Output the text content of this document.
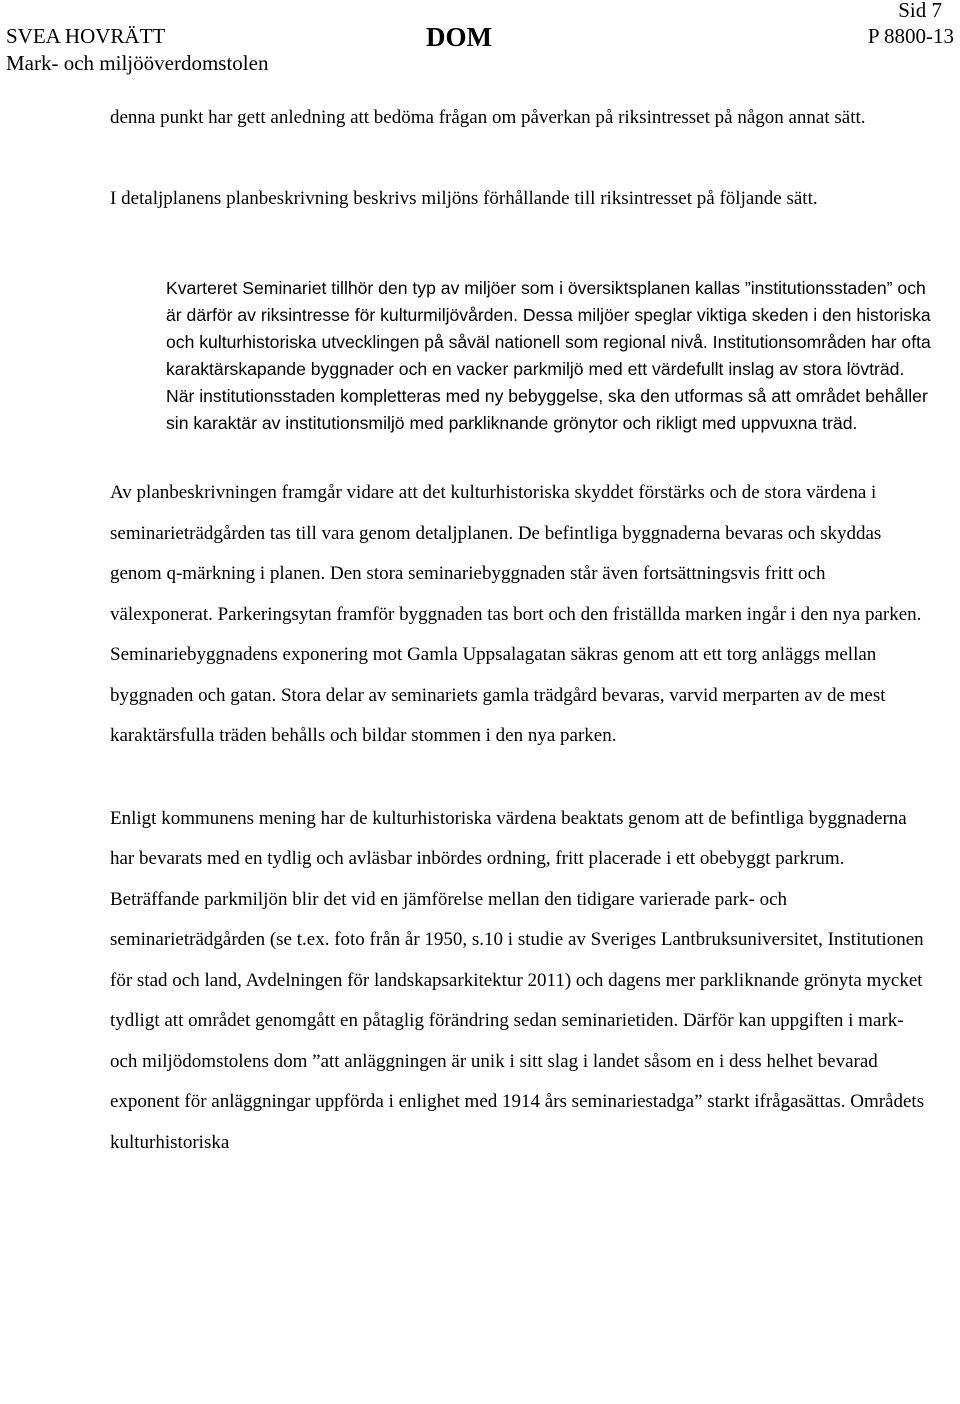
Sid 7
SVEA HOVRÄTT
Mark- och miljööverdomstolen
DOM	P 8800-13

denna punkt har gett anledning att bedöma frågan om påverkan på riksintresset på någon annat sätt.

I detaljplanens planbeskrivning beskrivs miljöns förhållande till riksintresset på följande sätt.

Kvarteret Seminariet tillhör den typ av miljöer som i översiktsplanen kallas ”institutionsstaden” och är därför av riksintresse för kulturmiljövården. Dessa miljöer speglar viktiga skeden i den historiska och kulturhistoriska utvecklingen på såväl nationell som regional nivå. Institutionsområden har ofta karaktärskapande byggnader och en vacker parkmiljö med ett värdefullt inslag av stora lövträd. När institutionsstaden kompletteras med ny bebyggelse, ska den utformas så att området behåller sin karaktär av institutionsmiljö med parkliknande grönytor och rikligt med uppvuxna träd.

Av planbeskrivningen framgår vidare att det kulturhistoriska skyddet förstärks och de stora värdena i seminarieträdgården tas till vara genom detaljplanen. De befintliga byggnaderna bevaras och skyddas genom q-märkning i planen. Den stora seminariebyggnaden står även fortsättningsvis fritt och välexponerat. Parkeringsytan framför byggnaden tas bort och den friställda marken ingår i den nya parken. Seminariebyggnadens exponering mot Gamla Uppsalagatan säkras genom att ett torg anläggs mellan byggnaden och gatan. Stora delar av seminariets gamla trädgård bevaras, varvid merparten av de mest karaktärsfulla träden behålls och bildar stommen i den nya parken.

Enligt kommunens mening har de kulturhistoriska värdena beaktats genom att de befintliga byggnaderna har bevarats med en tydlig och avläsbar inbördes ordning, fritt placerade i ett obebyggt parkrum. Beträffande parkmiljön blir det vid en jämförelse mellan den tidigare varierade park- och seminarieträdgården (se t.ex. foto från år 1950, s.10 i studie av Sveriges Lantbruksuniversitet, Institutionen för stad och land, Avdelningen för landskapsarkitektur 2011) och dagens mer parkliknande grönyta mycket tydligt att området genomgått en påtaglig förändring sedan seminarietiden. Därför kan uppgiften i mark- och miljödomstolens dom ”att anläggningen är unik i sitt slag i landet såsom en i dess helhet bevarad exponent för anläggningar uppförda i enlighet med 1914 års seminariestadga” starkt ifrågasättas. Områdets kulturhistoriska
